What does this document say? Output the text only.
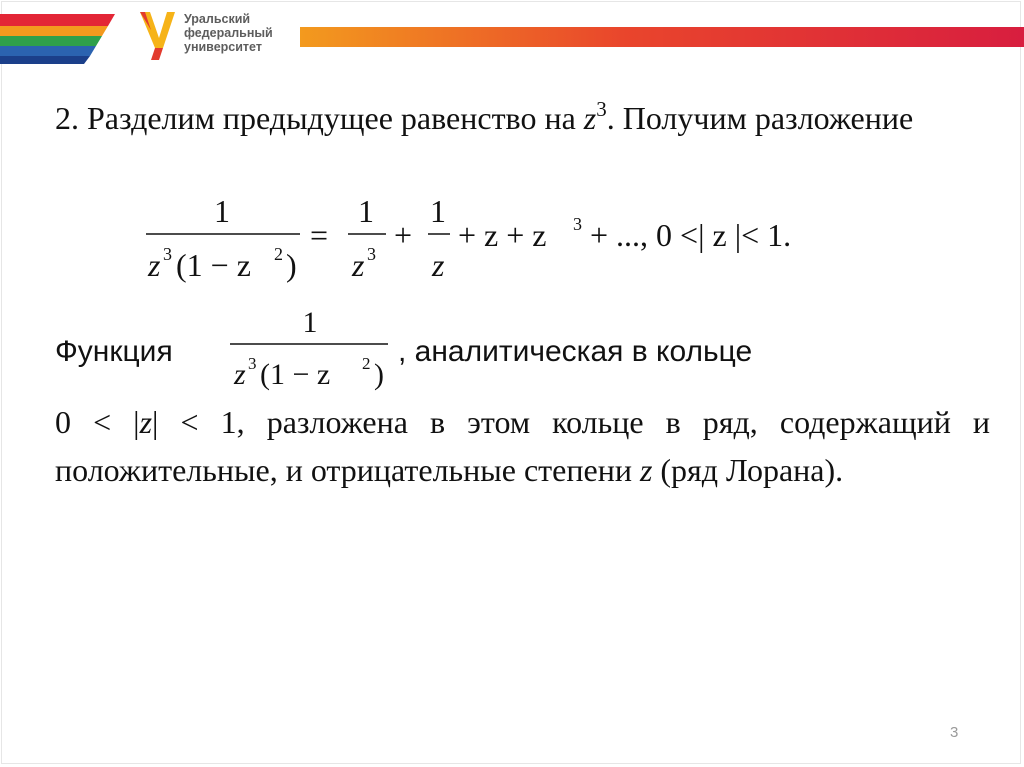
Уральский
федеральный
университет

2. Разделим предыдущее равенство на $z^3$. Получим разложение

1
z 3 (1 − z 2 )
=
1
z 3
+
1
z
+ z + z 3 + ..., 0 <| z |< 1.

Функция

1
z 3 (1 − z 2 )

, аналитическая в кольце

0 < |z| < 1, разложена в этом кольце в ряд, содержащий и положительные, и отрицательные степени z (ряд Лорана).

3
